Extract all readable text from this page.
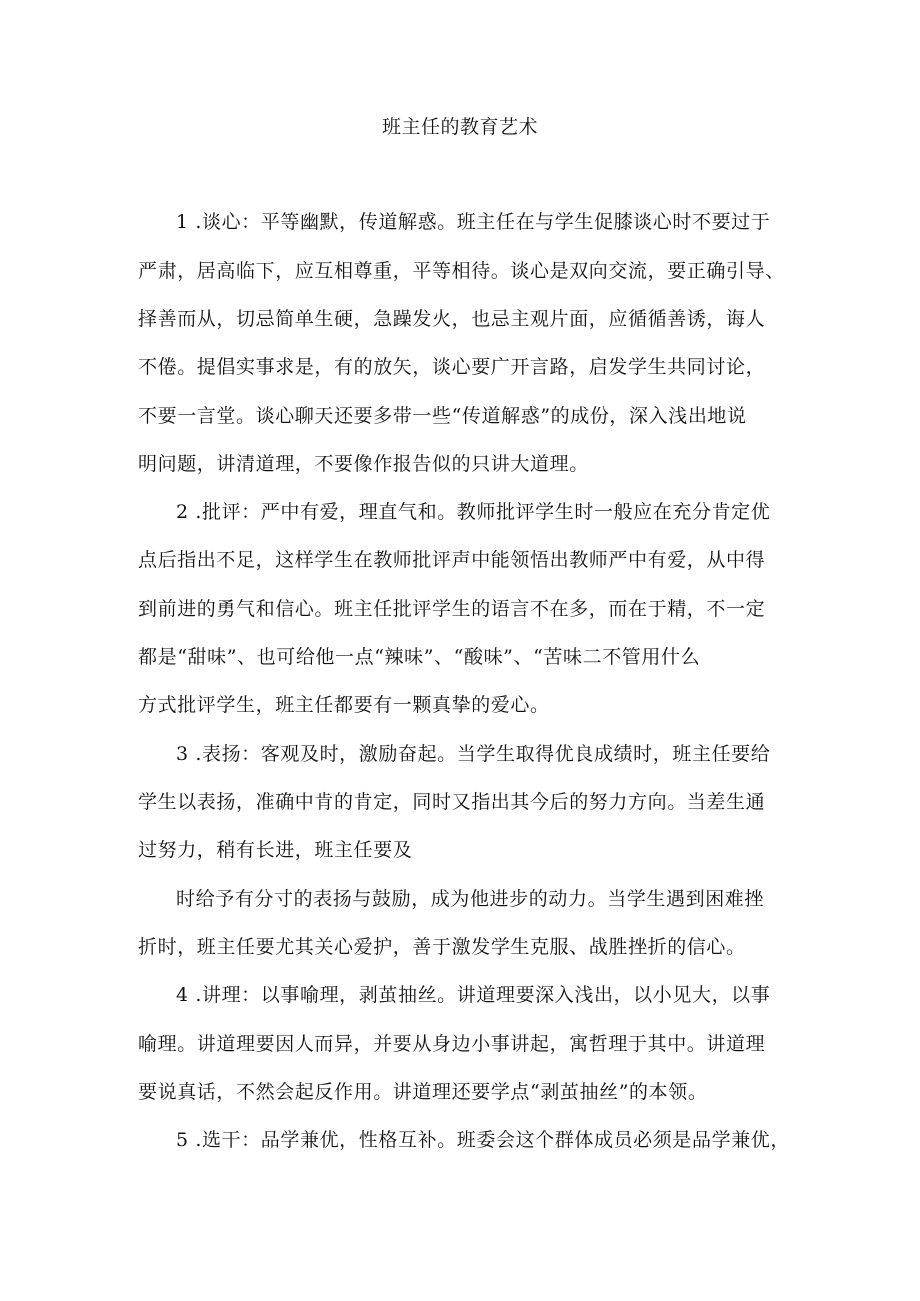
班主任的教育艺术
1 .谈心：平等幽默，传道解惑。班主任在与学生促膝谈心时不要过于
严肃，居高临下，应互相尊重，平等相待。谈心是双向交流，要正确引导、
择善而从，切忌简单生硬，急躁发火，也忌主观片面，应循循善诱，诲人
不倦。提倡实事求是，有的放矢，谈心要广开言路，启发学生共同讨论，
不要一言堂。谈心聊天还要多带一些“传道解惑”的成份，深入浅出地说
明问题，讲清道理，不要像作报告似的只讲大道理。
2 .批评：严中有爱，理直气和。教师批评学生时一般应在充分肯定优
点后指出不足，这样学生在教师批评声中能领悟出教师严中有爱，从中得
到前进的勇气和信心。班主任批评学生的语言不在多，而在于精，不一定
都是“甜味”、也可给他一点“辣味”、“酸味”、“苦味二不管用什么
方式批评学生，班主任都要有一颗真挚的爱心。
3 .表扬：客观及时，激励奋起。当学生取得优良成绩时，班主任要给
学生以表扬，准确中肯的肯定，同时又指出其今后的努力方向。当差生通
过努力，稍有长进，班主任要及
时给予有分寸的表扬与鼓励，成为他进步的动力。当学生遇到困难挫
折时，班主任要尤其关心爱护，善于激发学生克服、战胜挫折的信心。
4 .讲理：以事喻理，剥茧抽丝。讲道理要深入浅出，以小见大，以事
喻理。讲道理要因人而异，并要从身边小事讲起，寓哲理于其中。讲道理
要说真话，不然会起反作用。讲道理还要学点“剥茧抽丝”的本领。
5 .选干：品学兼优，性格互补。班委会这个群体成员必须是品学兼优，
